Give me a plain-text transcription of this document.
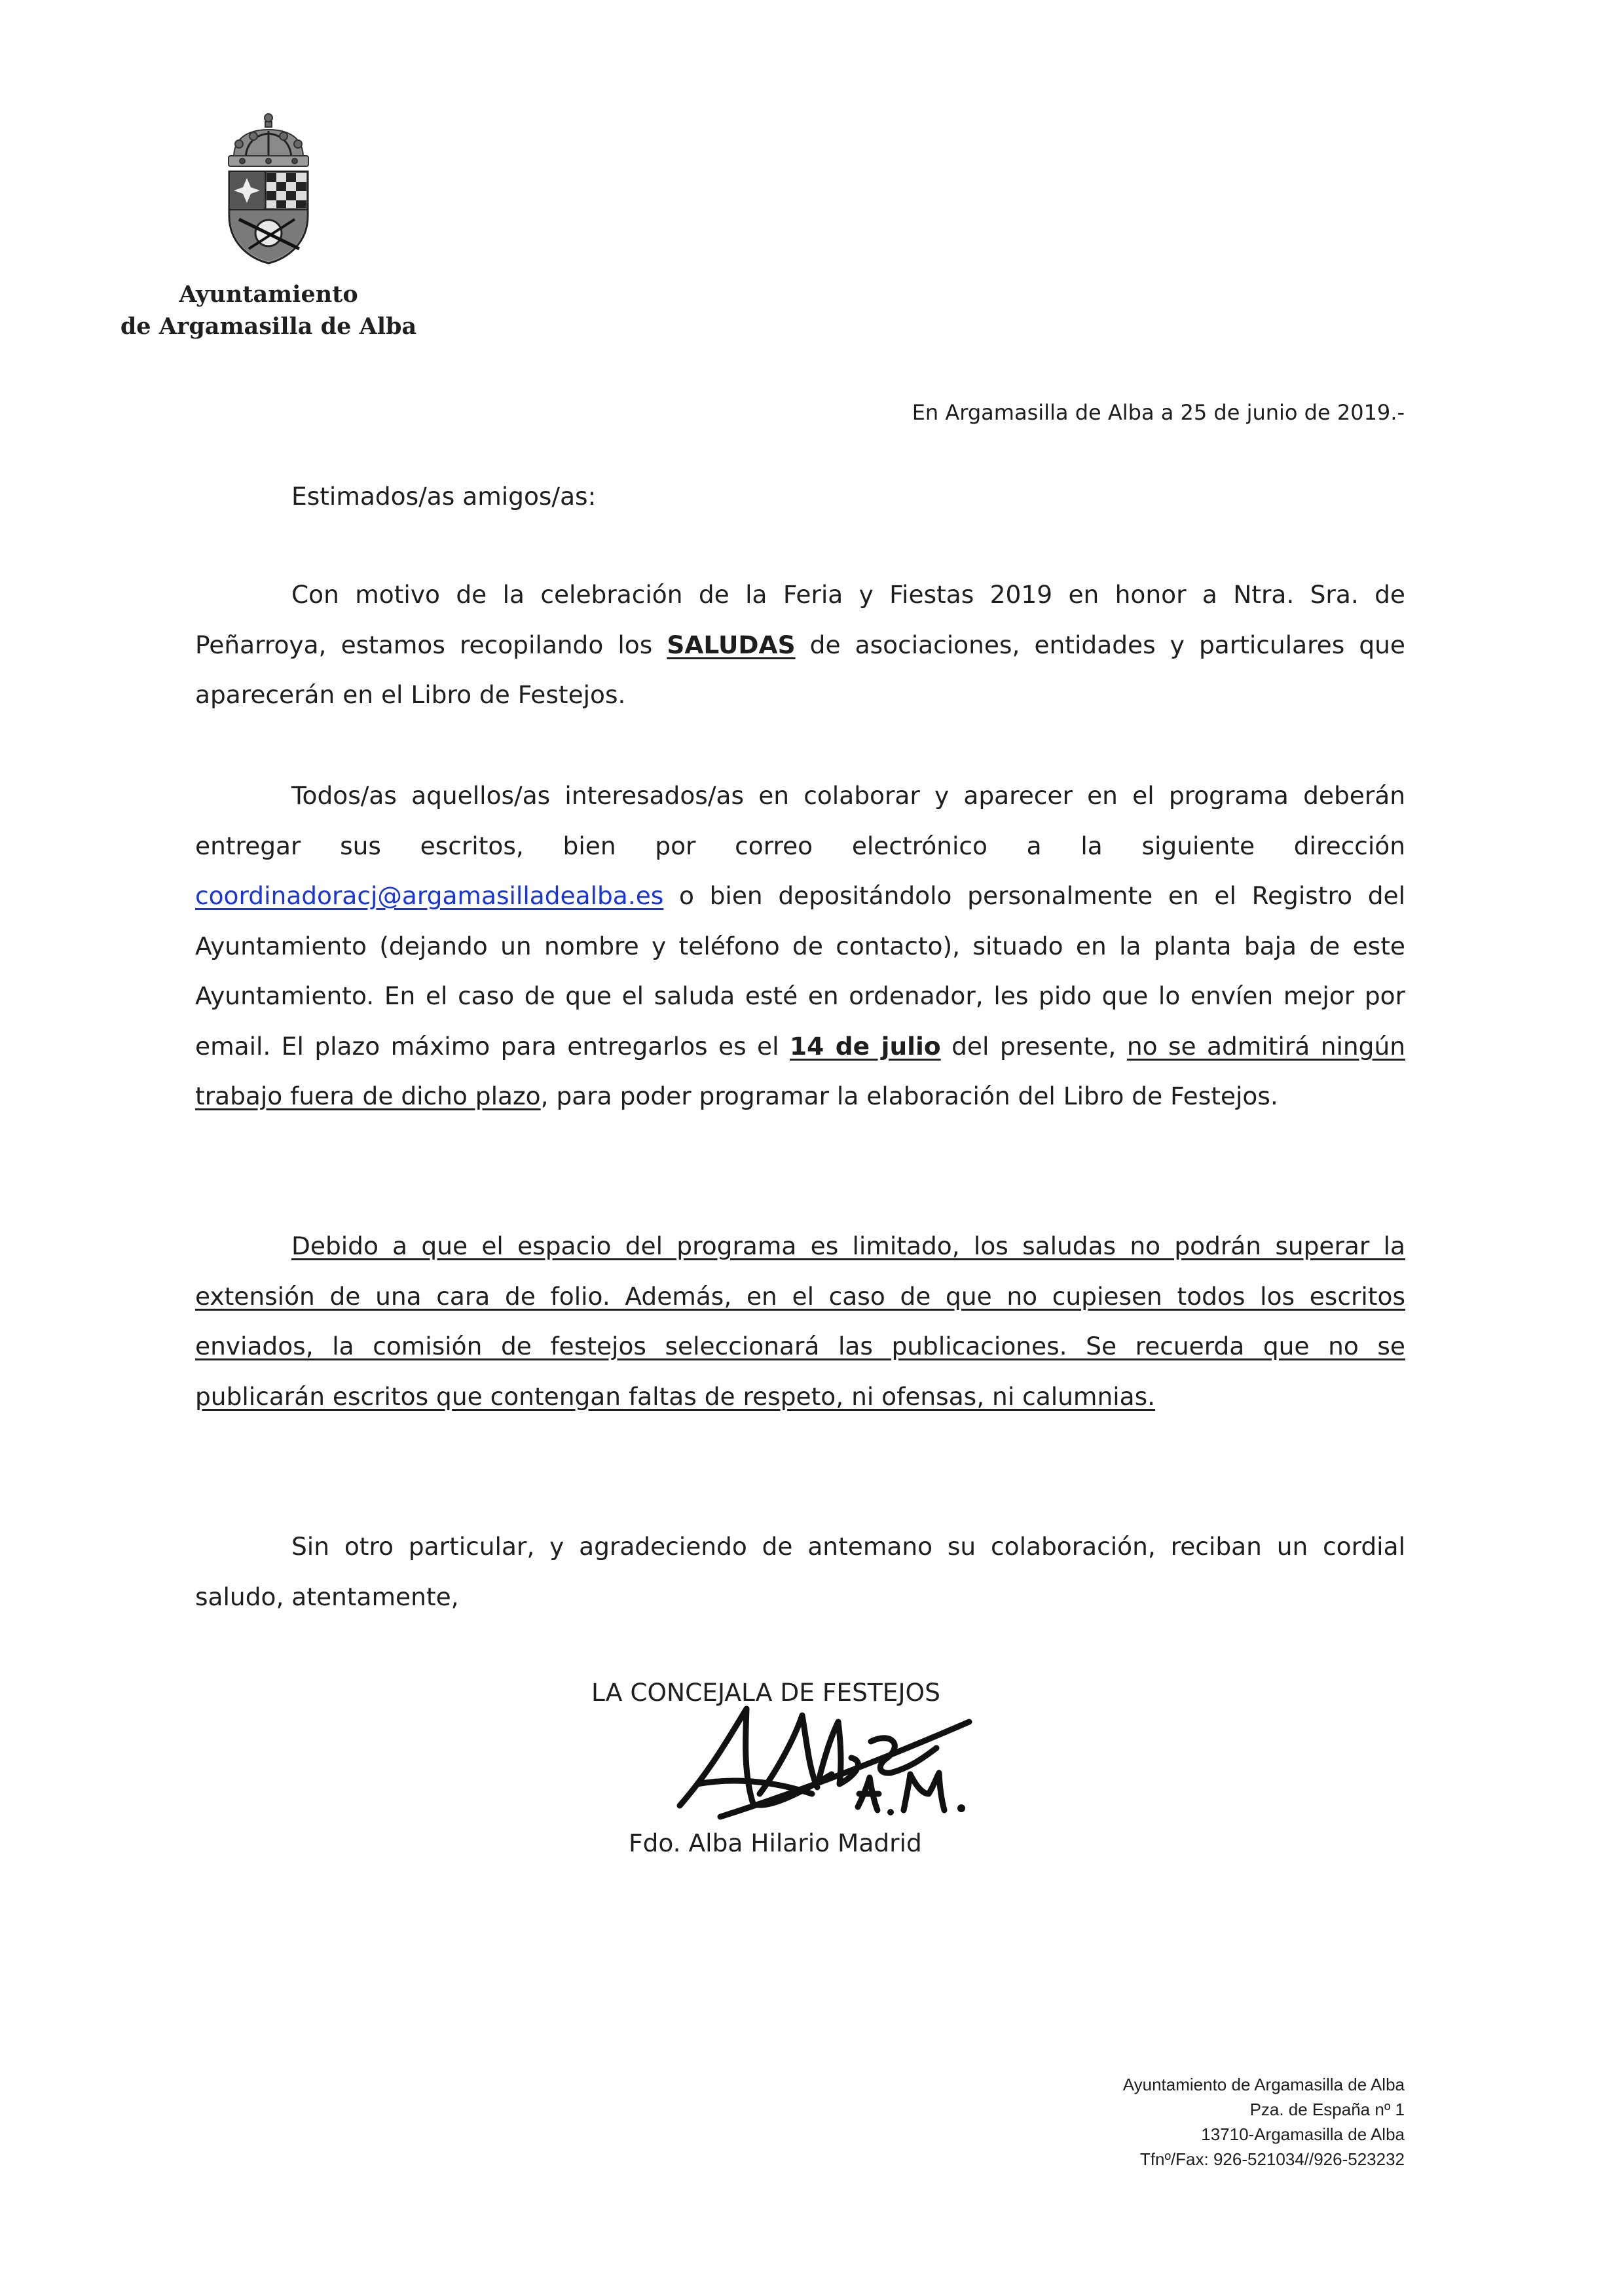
Ayuntamiento
de Argamasilla de Alba
En Argamasilla de Alba a 25 de junio de 2019.-
Estimados/as amigos/as:
Con motivo de la celebración de la Feria y Fiestas 2019 en honor a Ntra. Sra. de Peñarroya, estamos recopilando los SALUDAS de asociaciones, entidades y particulares que aparecerán en el Libro de Festejos.
Todos/as aquellos/as interesados/as en colaborar y aparecer en el programa deberán entregar sus escritos, bien por correo electrónico a la siguiente dirección coordinadoracj@argamasilladealba.es o bien depositándolo personalmente en el Registro del Ayuntamiento (dejando un nombre y teléfono de contacto), situado en la planta baja de este Ayuntamiento. En el caso de que el saluda esté en ordenador, les pido que lo envíen mejor por email. El plazo máximo para entregarlos es el 14 de julio del presente, no se admitirá ningún trabajo fuera de dicho plazo, para poder programar la elaboración del Libro de Festejos.
Debido a que el espacio del programa es limitado, los saludas no podrán superar la extensión de una cara de folio. Además, en el caso de que no cupiesen todos los escritos enviados, la comisión de festejos seleccionará las publicaciones. Se recuerda que no se publicarán escritos que contengan faltas de respeto, ni ofensas, ni calumnias.
Sin otro particular, y agradeciendo de antemano su colaboración, reciban un cordial saludo, atentamente,
LA CONCEJALA DE FESTEJOS
Fdo. Alba Hilario Madrid
Ayuntamiento de Argamasilla de Alba
Pza. de España nº 1
13710-Argamasilla de Alba
Tfnº/Fax: 926-521034//926-523232
